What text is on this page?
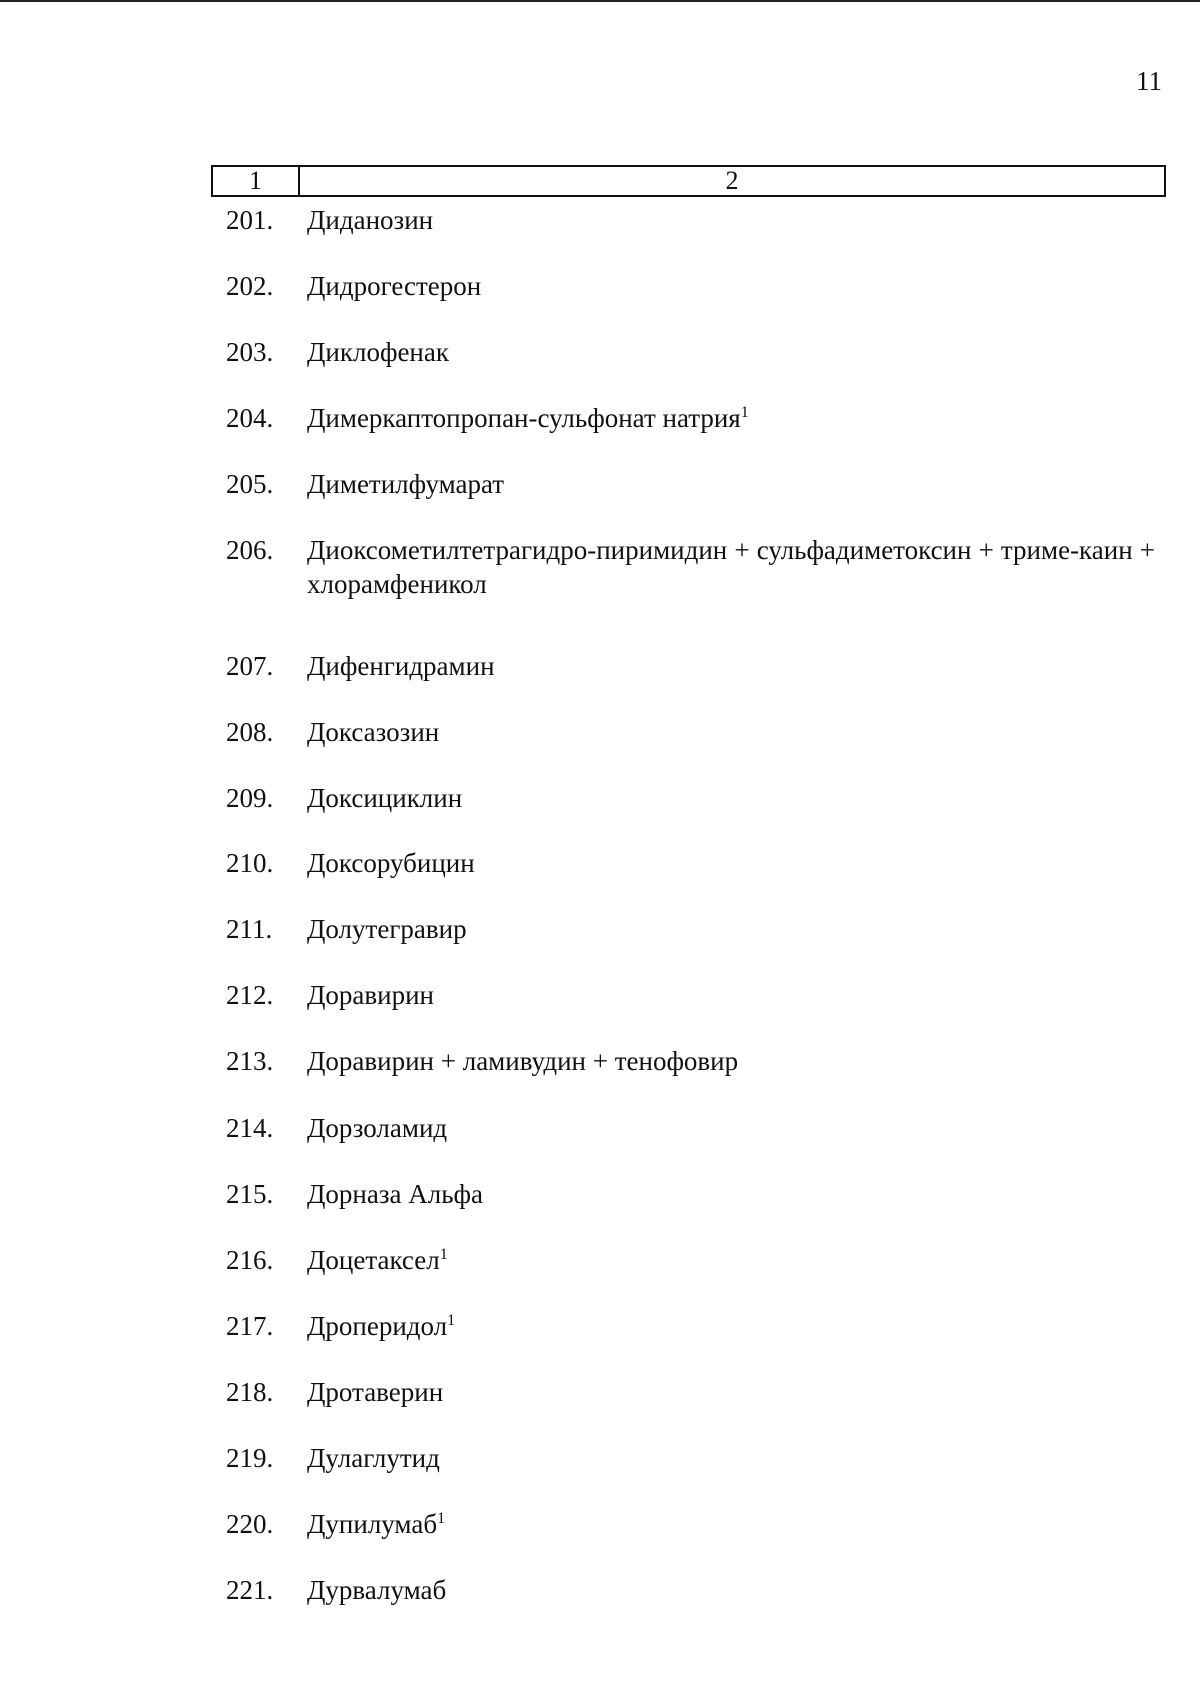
11
1	2
201.	Диданозин
202.	Дидрогестерон
203.	Диклофенак
204.	Димеркаптопропан-сульфонат натрия$^1$
205.	Диметилфумарат
206.	Диоксометилтетрагидро-пиримидин + сульфадиметоксин + триме-каин + хлорамфеникол
207.	Дифенгидрамин
208.	Доксазозин
209.	Доксициклин
210.	Доксорубицин
211.	Долутегравир
212.	Доравирин
213.	Доравирин + ламивудин + тенофовир
214.	Дорзоламид
215.	Дорназа Альфа
216.	Доцетаксел$^1$
217.	Дроперидол$^1$
218.	Дротаверин
219.	Дулаглутид
220.	Дупилумаб$^1$
221.	Дурвалумаб
